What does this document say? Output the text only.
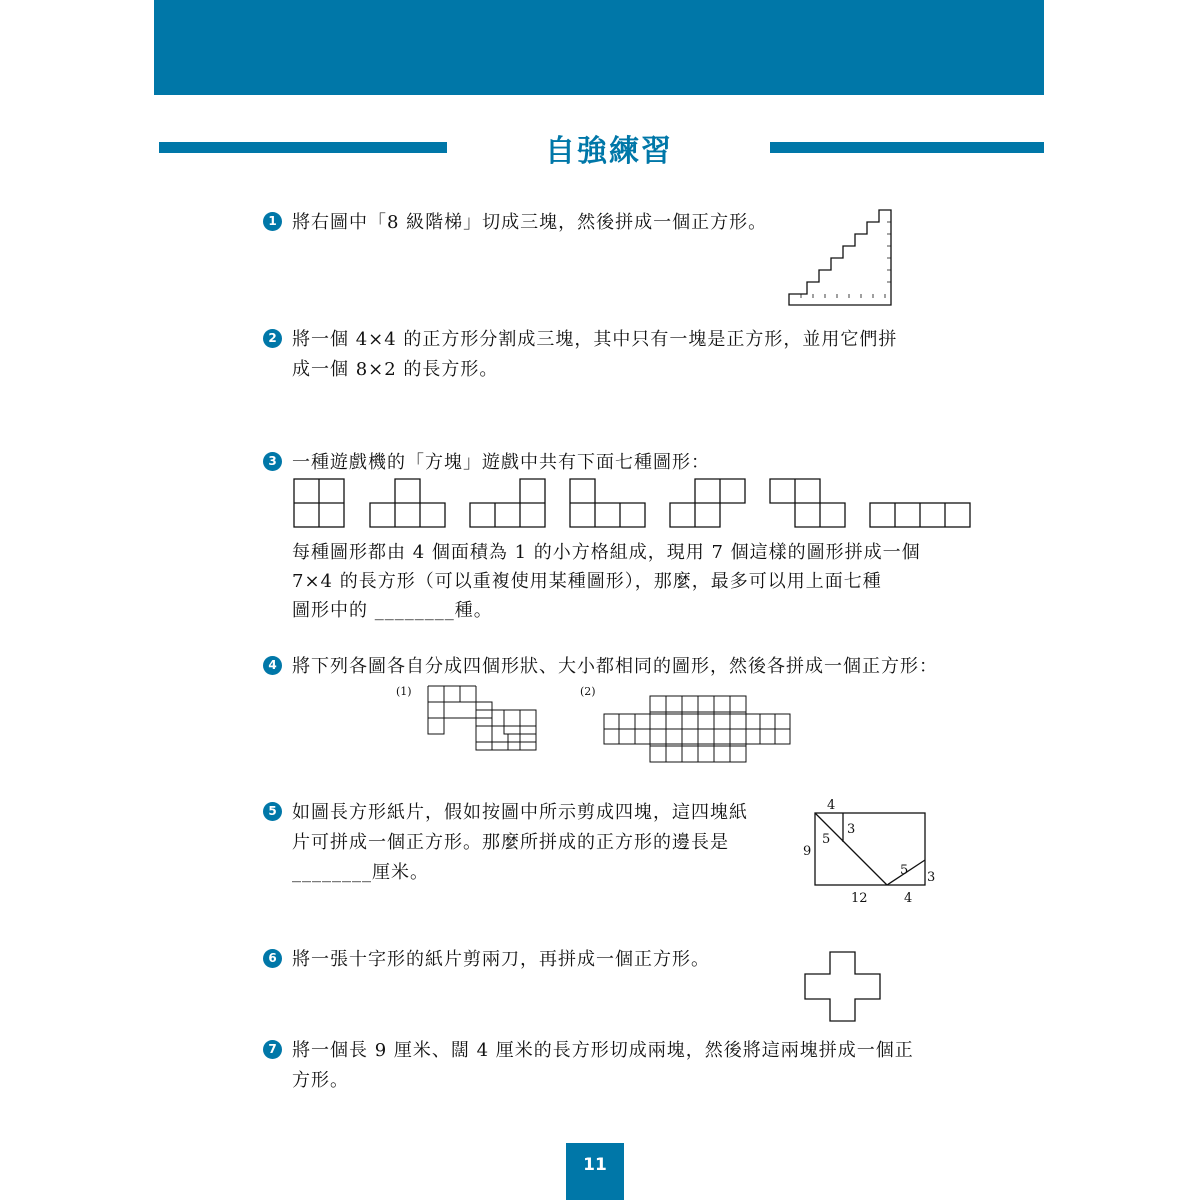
自強練習
1 將右圖中「8 級階梯」切成三塊，然後拼成一個正方形。
2 將一個 4×4 的正方形分割成三塊，其中只有一塊是正方形，並用它們拼
成一個 8×2 的長方形。
3 一種遊戲機的「方塊」遊戲中共有下面七種圖形：
每種圖形都由 4 個面積為 1 的小方格組成，現用 7 個這樣的圖形拼成一個
7×4 的長方形（可以重複使用某種圖形），那麼，最多可以用上面七種
圖形中的 ________種。
4 將下列各圖各自分成四個形狀、大小都相同的圖形，然後各拼成一個正方形：
(1)	(2)
5 如圖長方形紙片，假如按圖中所示剪成四塊，這四塊紙
片可拼成一個正方形。那麼所拼成的正方形的邊長是
________厘米。
4
5
3
9
5 3
12	4
6 將一張十字形的紙片剪兩刀，再拼成一個正方形。
7 將一個長 9 厘米、闊 4 厘米的長方形切成兩塊，然後將這兩塊拼成一個正
方形。
11
